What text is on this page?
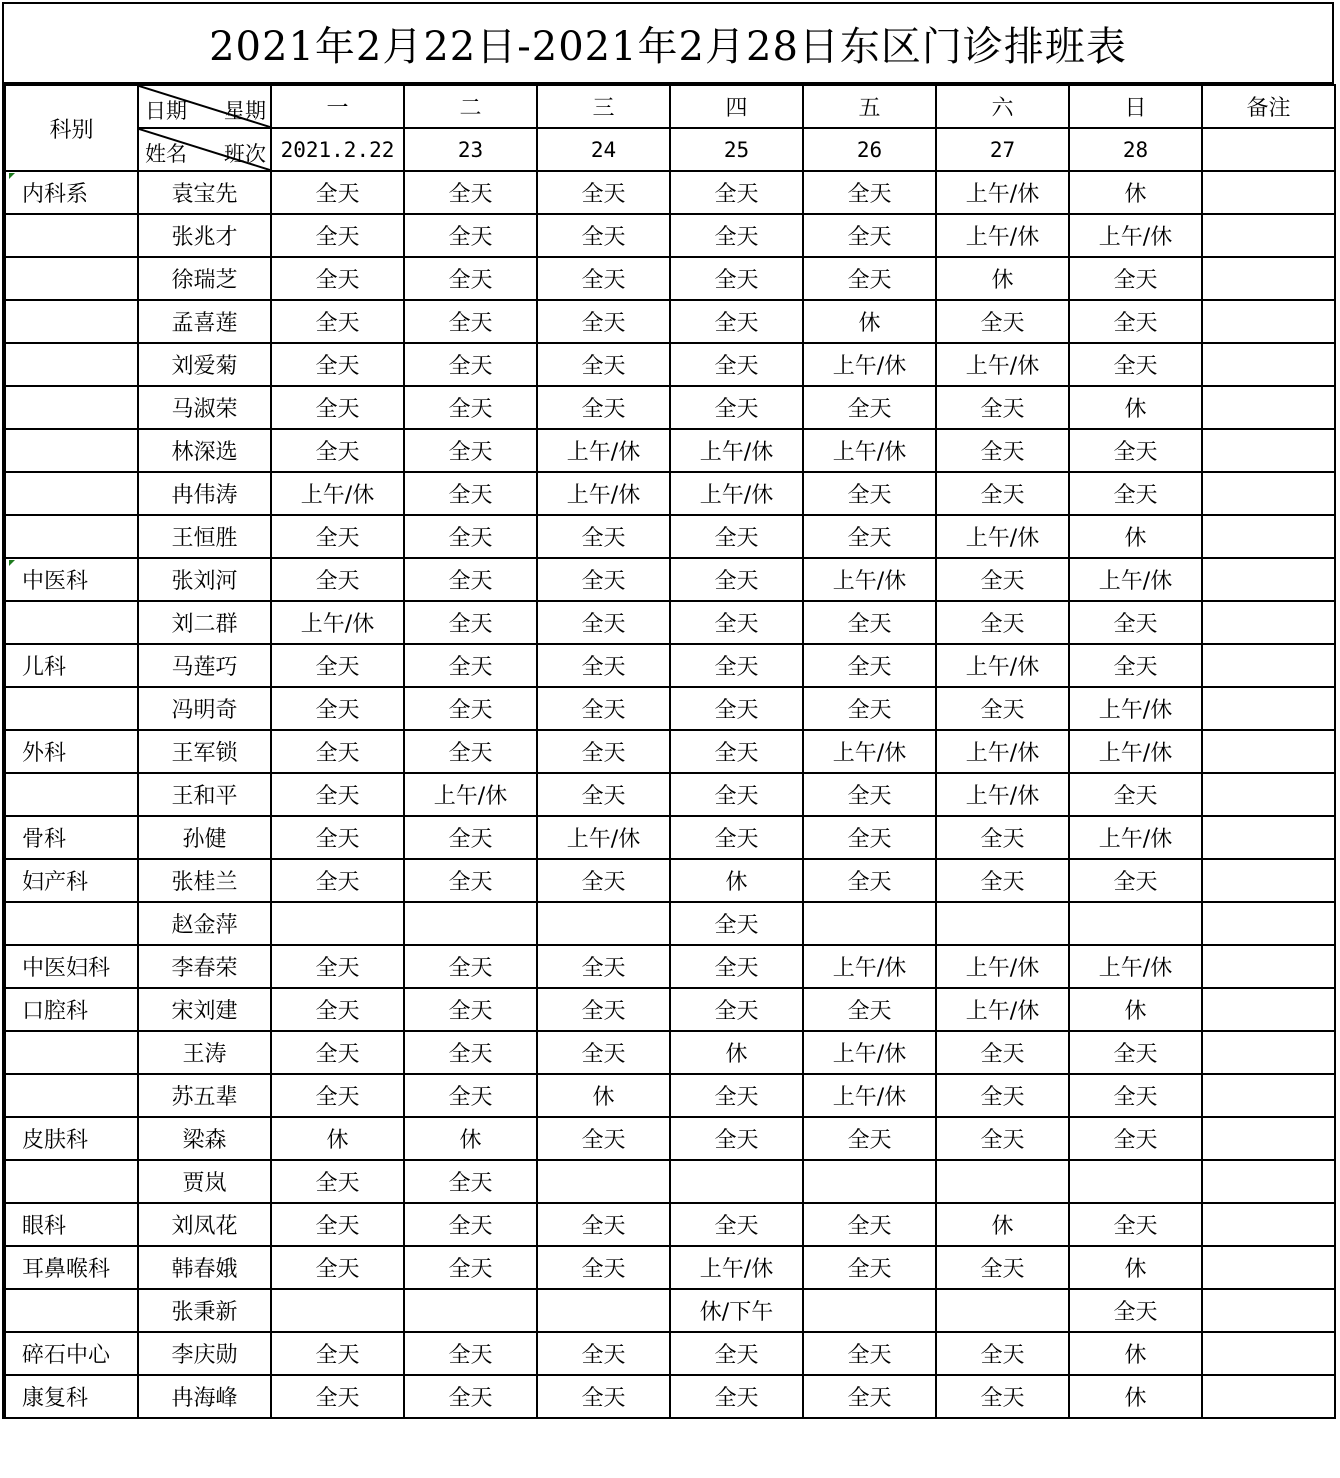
2021年2月22日-2021年2月28日东区门诊排班表
科别	日期 星期	一	二	三	四	五	六	日	备注

	姓名 班次	2021.2.22	23	24	25	26	27	28	
内科系	袁宝先	全天	全天	全天	全天	全天	上午/休	休	
	张兆才	全天	全天	全天	全天	全天	上午/休	上午/休	
	徐瑞芝	全天	全天	全天	全天	全天	休	全天	
	孟喜莲	全天	全天	全天	全天	休	全天	全天	
	刘爱菊	全天	全天	全天	全天	上午/休	上午/休	全天	
	马淑荣	全天	全天	全天	全天	全天	全天	休	
	林深选	全天	全天	上午/休	上午/休	上午/休	全天	全天	
	冉伟涛	上午/休	全天	上午/休	上午/休	全天	全天	全天	
	王恒胜	全天	全天	全天	全天	全天	上午/休	休	
中医科	张刘河	全天	全天	全天	全天	上午/休	全天	上午/休	
	刘二群	上午/休	全天	全天	全天	全天	全天	全天	
儿科	马莲巧	全天	全天	全天	全天	全天	上午/休	全天	
	冯明奇	全天	全天	全天	全天	全天	全天	上午/休	
外科	王军锁	全天	全天	全天	全天	上午/休	上午/休	上午/休	
	王和平	全天	上午/休	全天	全天	全天	上午/休	全天	
骨科	孙健	全天	全天	上午/休	全天	全天	全天	上午/休	
妇产科	张桂兰	全天	全天	全天	休	全天	全天	全天	
	赵金萍				全天				
中医妇科	李春荣	全天	全天	全天	全天	上午/休	上午/休	上午/休	
口腔科	宋刘建	全天	全天	全天	全天	全天	上午/休	休	
	王涛	全天	全天	全天	休	上午/休	全天	全天	
	苏五辈	全天	全天	休	全天	上午/休	全天	全天	
皮肤科	梁森	休	休	全天	全天	全天	全天	全天	
	贾岚	全天	全天						
眼科	刘凤花	全天	全天	全天	全天	全天	休	全天	
耳鼻喉科	韩春娥	全天	全天	全天	上午/休	全天	全天	休	
	张秉新				休/下午			全天	
碎石中心	李庆勋	全天	全天	全天	全天	全天	全天	休	
康复科	冉海峰	全天	全天	全天	全天	全天	全天	休	
